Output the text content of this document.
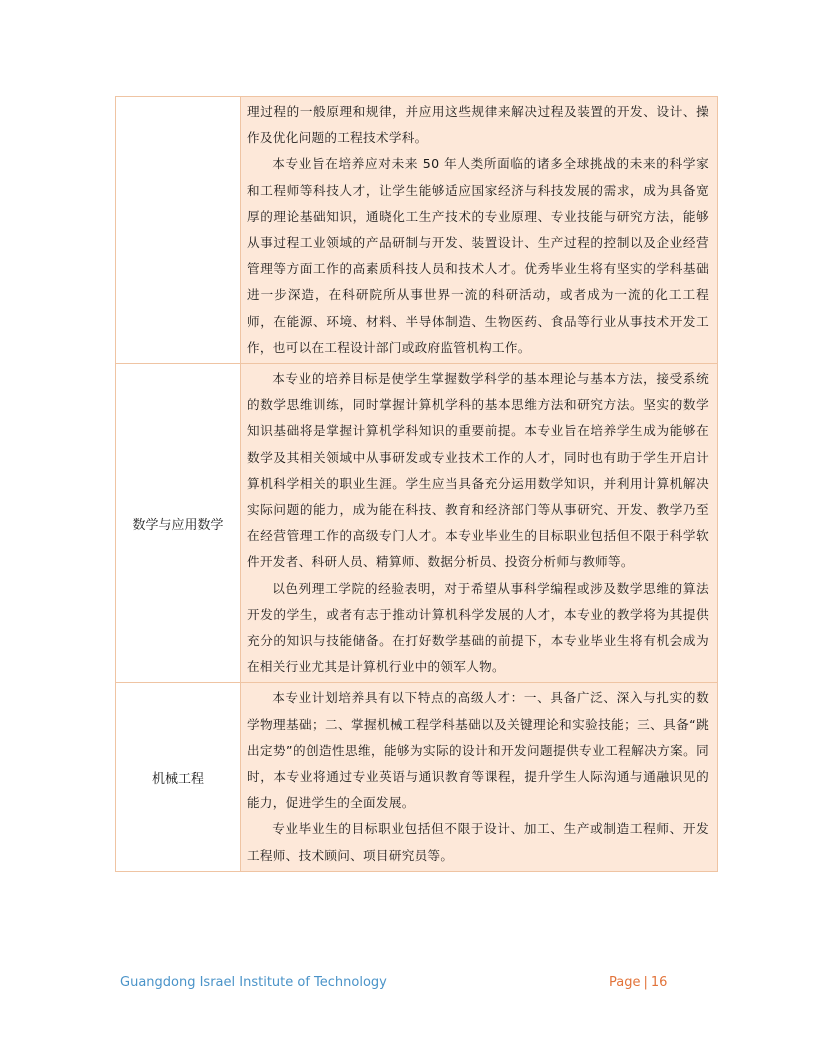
	理过程的一般原理和规律，并应用这些规律来解决过程及装置的开发、设计、操作及优化问题的工程技术学科。

本专业旨在培养应对未来 50 年人类所面临的诸多全球挑战的未来的科学家和工程师等科技人才，让学生能够适应国家经济与科技发展的需求，成为具备宽厚的理论基础知识，通晓化工生产技术的专业原理、专业技能与研究方法，能够从事过程工业领域的产品研制与开发、装置设计、生产过程的控制以及企业经营管理等方面工作的高素质科技人员和技术人才。优秀毕业生将有坚实的学科基础进一步深造，在科研院所从事世界一流的科研活动，或者成为一流的化工工程师，在能源、环境、材料、半导体制造、生物医药、食品等行业从事技术开发工作，也可以在工程设计部门或政府监管机构工作。

数学与应用数学	本专业的培养目标是使学生掌握数学科学的基本理论与基本方法，接受系统的数学思维训练，同时掌握计算机学科的基本思维方法和研究方法。坚实的数学知识基础将是掌握计算机学科知识的重要前提。本专业旨在培养学生成为能够在数学及其相关领域中从事研发或专业技术工作的人才，同时也有助于学生开启计算机科学相关的职业生涯。学生应当具备充分运用数学知识，并利用计算机解决实际问题的能力，成为能在科技、教育和经济部门等从事研究、开发、教学乃至在经营管理工作的高级专门人才。本专业毕业生的目标职业包括但不限于科学软件开发者、科研人员、精算师、数据分析员、投资分析师与教师等。

以色列理工学院的经验表明，对于希望从事科学编程或涉及数学思维的算法开发的学生，或者有志于推动计算机科学发展的人才，本专业的教学将为其提供充分的知识与技能储备。在打好数学基础的前提下，本专业毕业生将有机会成为在相关行业尤其是计算机行业中的领军人物。

机械工程	本专业计划培养具有以下特点的高级人才：一、具备广泛、深入与扎实的数学物理基础；二、掌握机械工程学科基础以及关键理论和实验技能；三、具备“跳出定势”的创造性思维，能够为实际的设计和开发问题提供专业工程解决方案。同时，本专业将通过专业英语与通识教育等课程，提升学生人际沟通与通融识见的能力，促进学生的全面发展。

专业毕业生的目标职业包括但不限于设计、加工、生产或制造工程师、开发工程师、技术顾问、项目研究员等。

Guangdong Israel Institute of Technology	Page | 16
